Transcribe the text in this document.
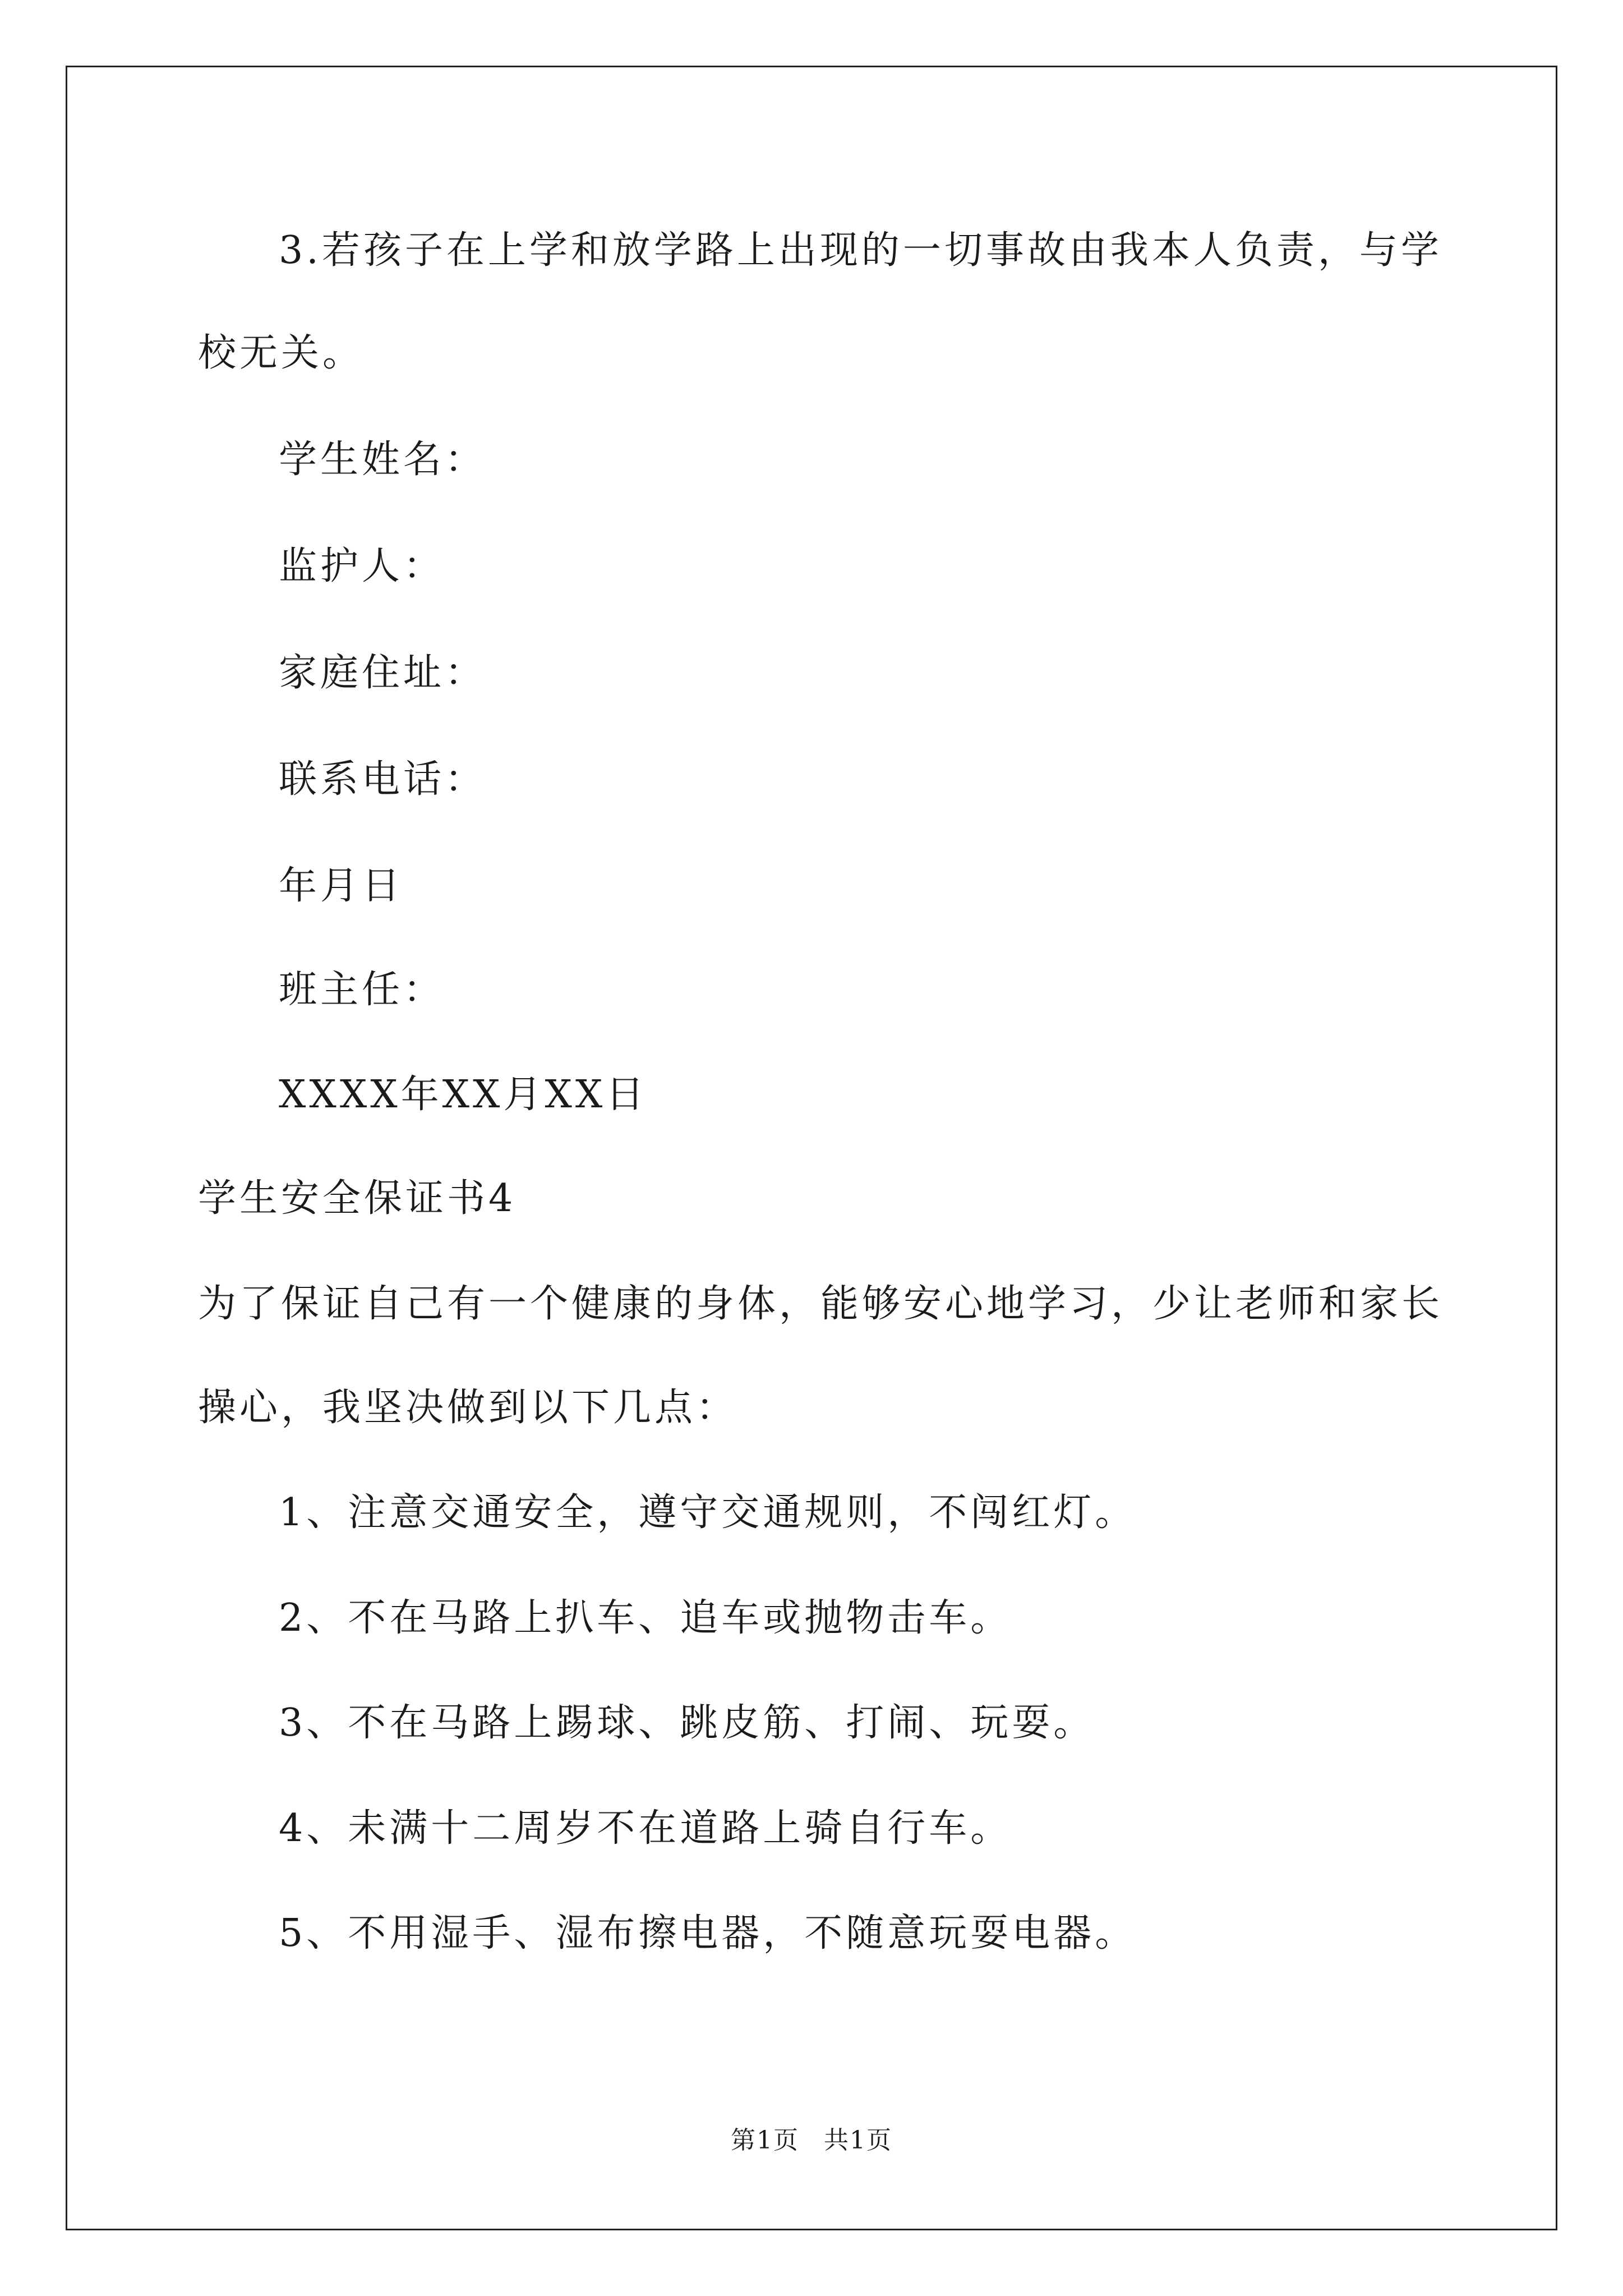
3.若孩子在上学和放学路上出现的一切事故由我本人负责，与学
校无关。
学生姓名：
监护人：
家庭住址：
联系电话：
年月日
班主任：
XXXX年XX月XX日
学生安全保证书4
为了保证自己有一个健康的身体，能够安心地学习，少让老师和家长
操心，我坚决做到以下几点：
1、注意交通安全，遵守交通规则，不闯红灯。
2、不在马路上扒车、追车或抛物击车。
3、不在马路上踢球、跳皮筋、打闹、玩耍。
4、未满十二周岁不在道路上骑自行车。
5、不用湿手、湿布擦电器，不随意玩耍电器。
第1页 共1页
